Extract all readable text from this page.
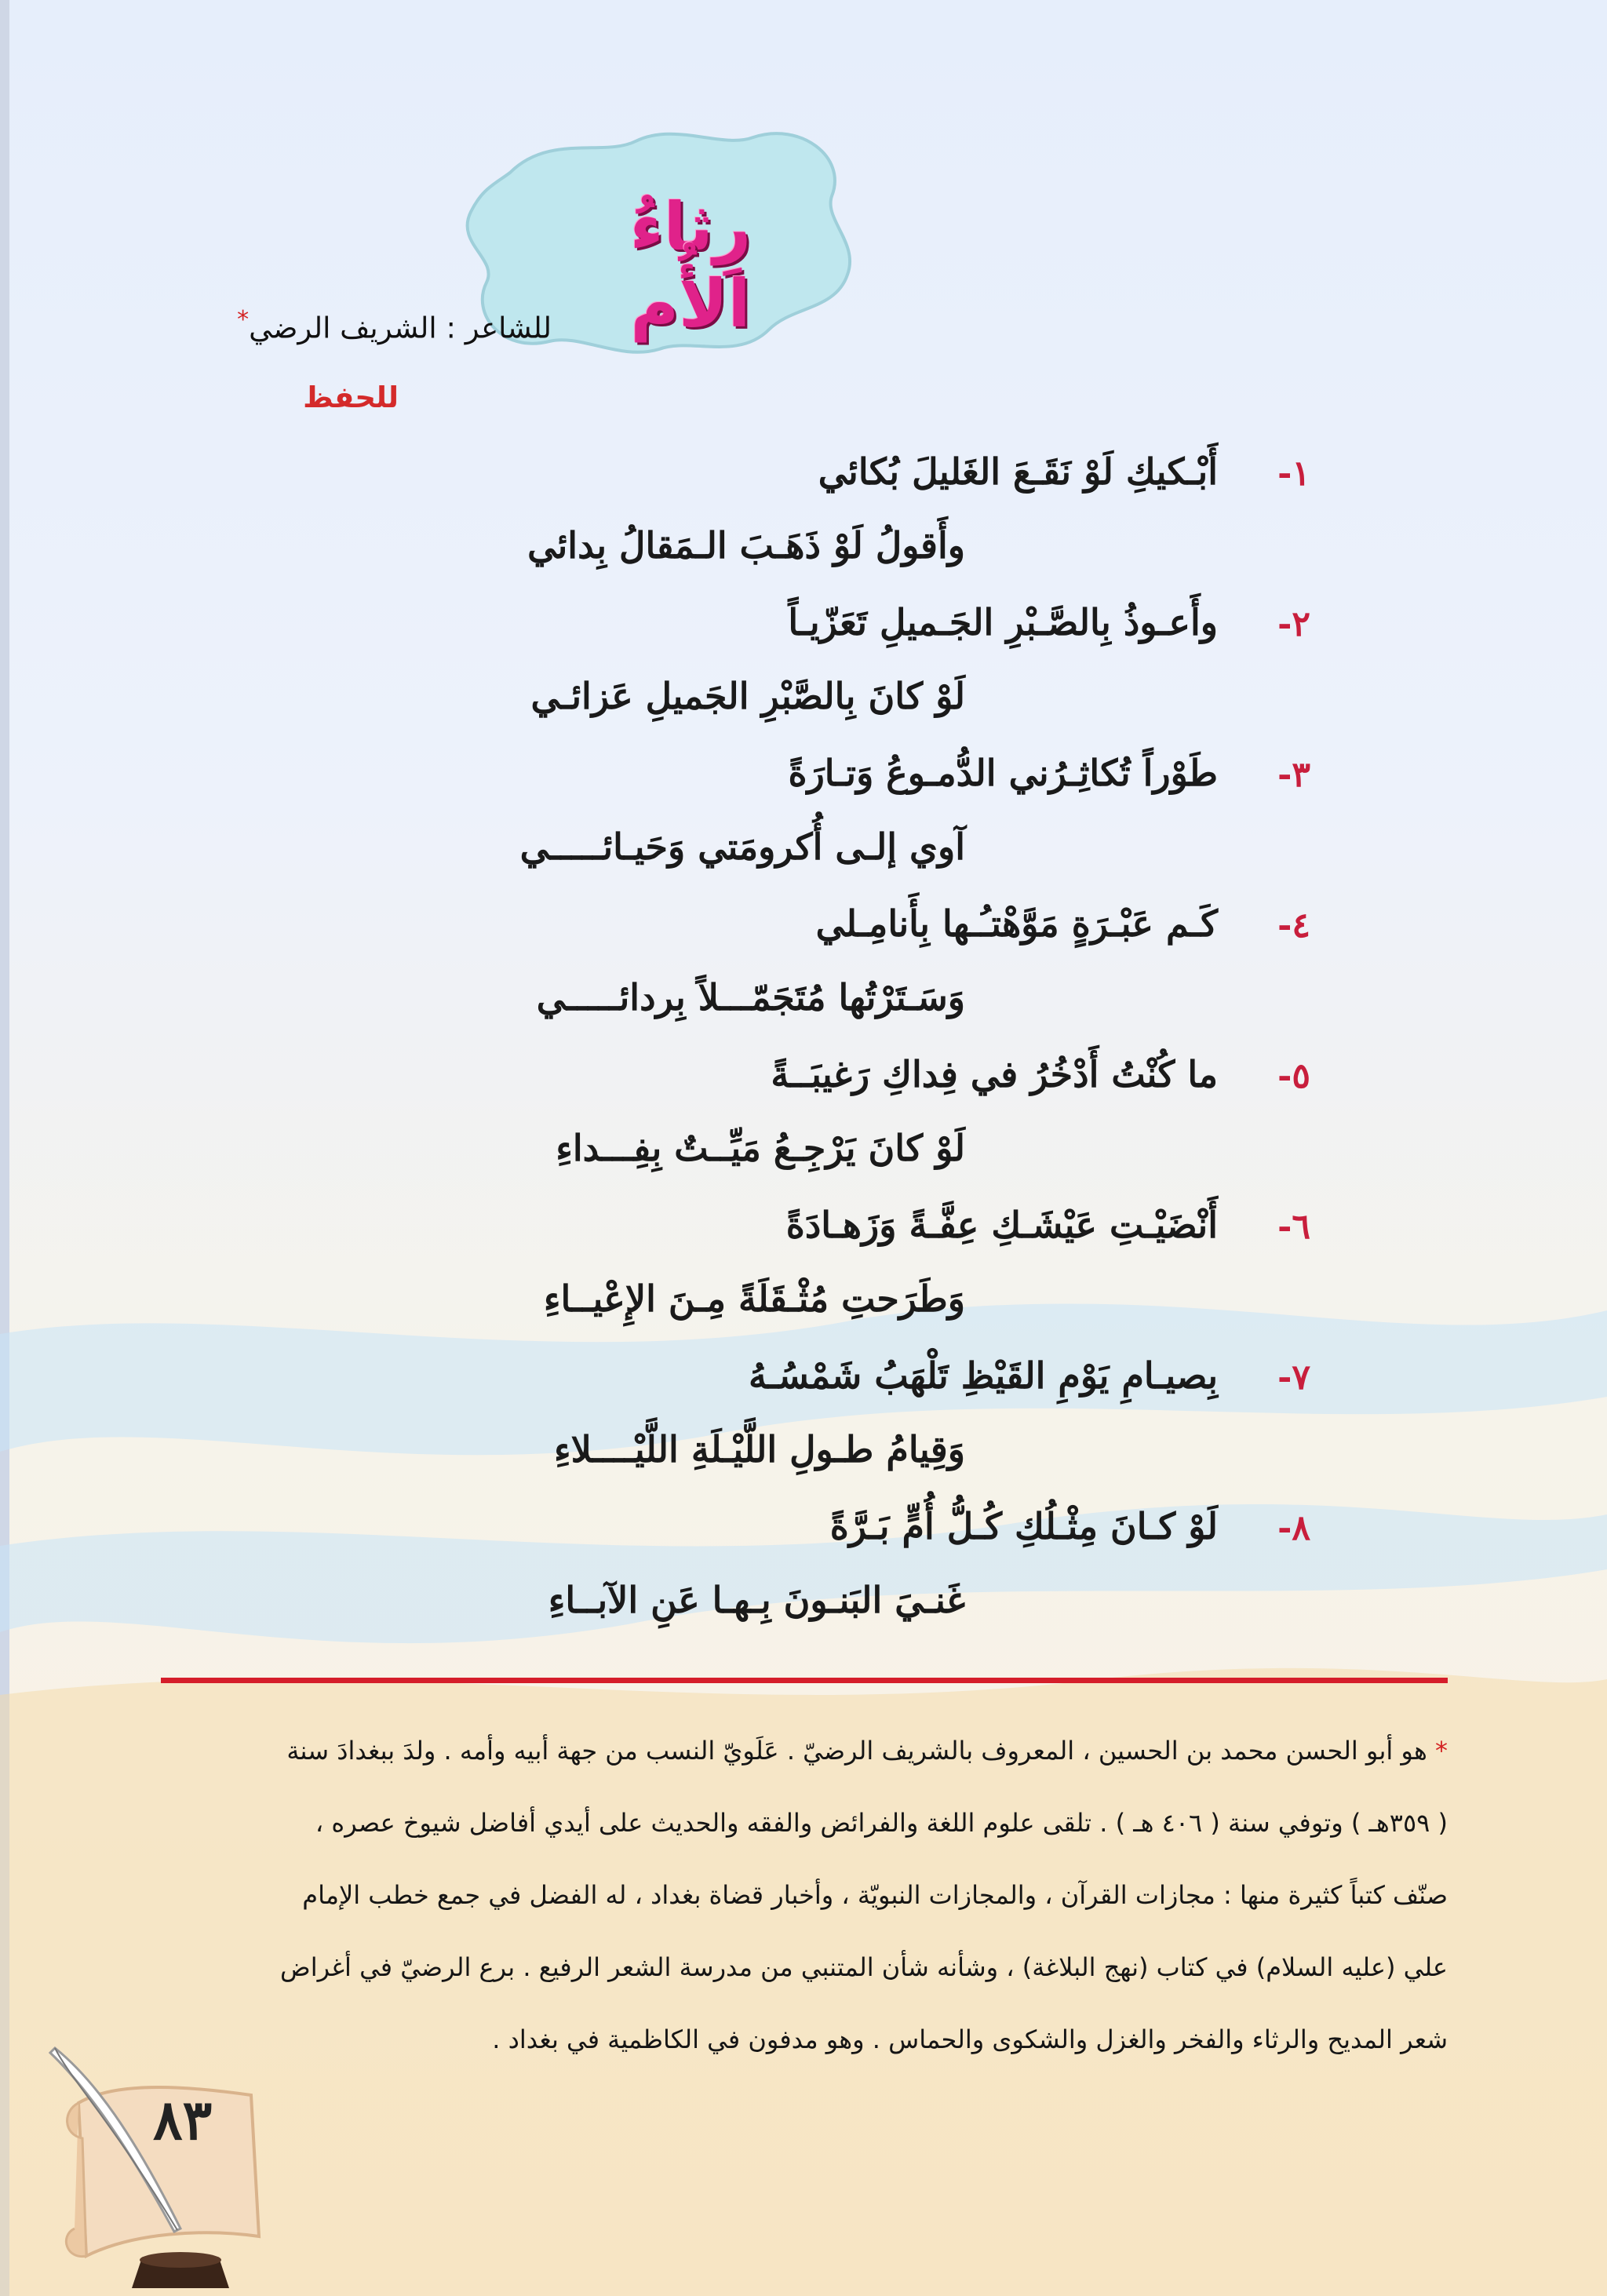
رِثاءُ الأُم
للشاعر : الشريف الرضي*
للحفظ
١-
أَبْـكيكِ لَوْ نَقَـعَ الغَليلَ بُكائي
وأَقولُ لَوْ ذَهَـبَ الـمَقالُ بِدائي
٢-
وأَعـوذُ بِالصَّـبْرِ الجَـميلِ تَعَزّيـاً
لَوْ كانَ بِالصَّبْرِ الجَميلِ عَزائـي
٣-
طَوْراً تُكاثِـرُني الدُّمـوعُ وَتـارَةً
آوي إلـى أُكرومَتي وَحَيـائـــــي
٤-
كَـم عَبْـرَةٍ مَوَّهْتـُـها بِأَنامِـلي
وَسَـتَرْتُها مُتَجَمّـــلاً بِردائـــــي
٥-
ما كُنْتُ أَدْخُرُ في فِداكِ رَغيبَــةً
لَوْ كانَ يَرْجِـعُ مَيِّــتٌ بِفِـــداءِ
٦-
أَنْضَيْـتِ عَيْشَـكِ عِفَّـةً وَزَهـادَةً
وَطَرَحتِ مُثْـقَلَةً مِـنَ الإِعْيــاءِ
٧-
بِصيـامِ يَوْمِ القَيْظِ تَلْهَبُ شَمْسُـهُ
وَقِيامُ طـولِ اللَّيْـلَةِ اللَّيْــــلاءِ
٨-
لَوْ كـانَ مِثْـلُكِ كُـلُّ أُمٍّ بَـرَّةً
غَنـيَ البَنـونَ بِـهـا عَنِ الآبــاءِ
* هو أبو الحسن محمد بن الحسين ، المعروف بالشريف الرضيّ . عَلَويّ النسب من جهة أبيه وأمه . ولدَ ببغدادَ سنة
( ٣٥٩هـ ) وتوفي سنة ( ٤٠٦ هـ ) . تلقى علوم اللغة والفرائض والفقه والحديث على أيدي أفاضل شيوخ عصره ،
صنّف كتباً كثيرة منها : مجازات القرآن ، والمجازات النبويّة ، وأخبار قضاة بغداد ، له الفضل في جمع خطب الإمام
علي (عليه السلام) في كتاب (نهج البلاغة) ، وشأنه شأن المتنبي من مدرسة الشعر الرفيع . برع الرضيّ في أغراض
شعر المديح والرثاء والفخر والغزل والشكوى والحماس . وهو مدفون في الكاظمية في بغداد .
٨٣
